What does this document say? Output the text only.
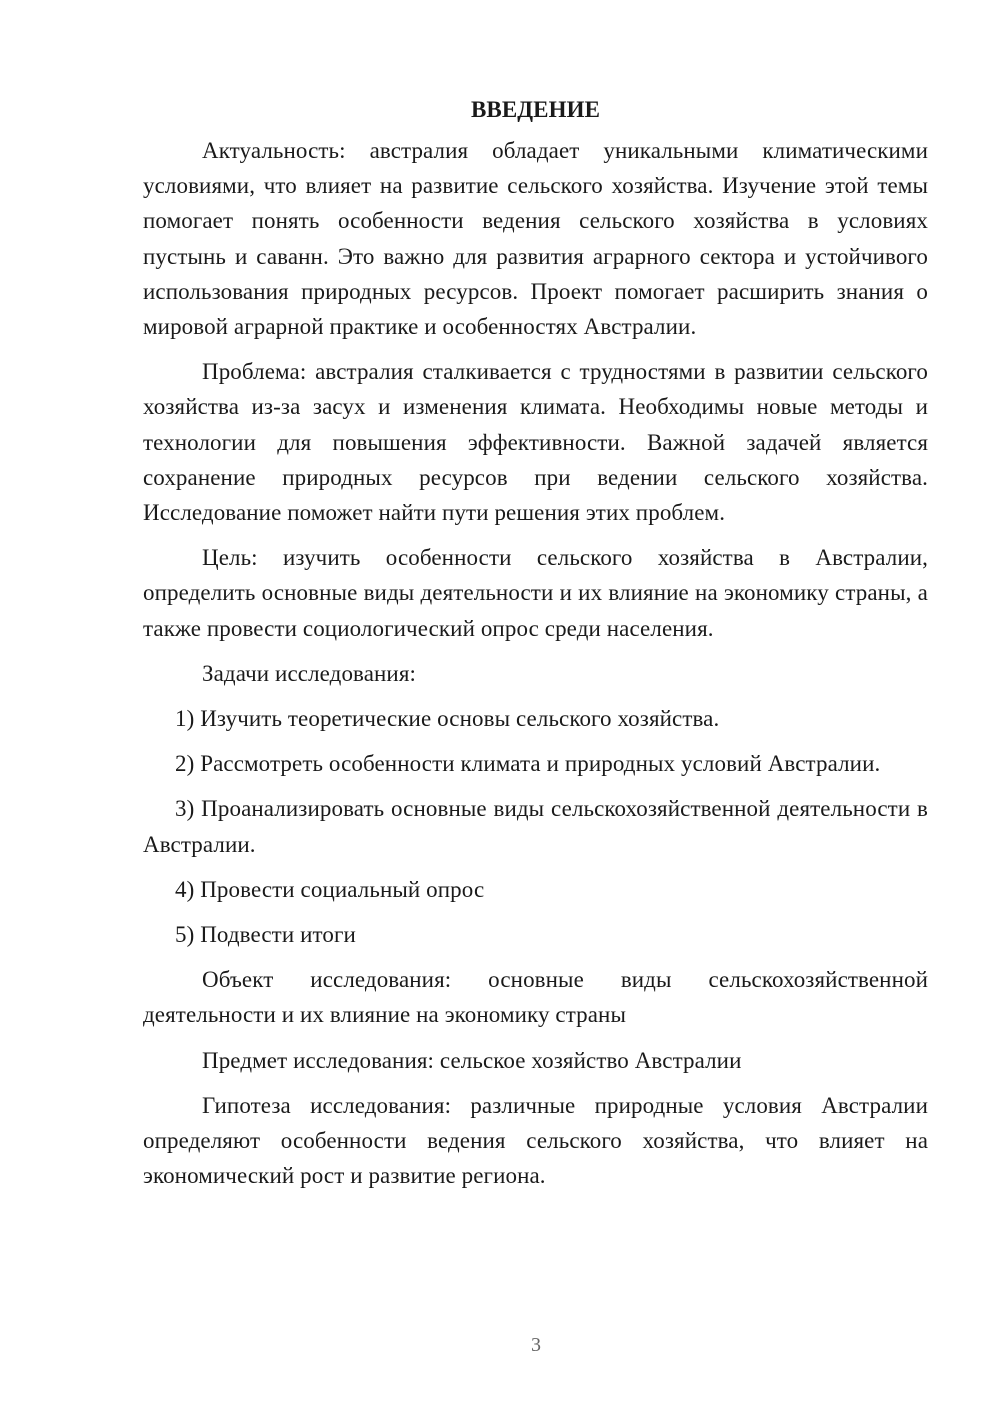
ВВЕДЕНИЕ

Актуальность: австралия обладает уникальными климатическими условиями, что влияет на развитие сельского хозяйства. Изучение этой темы помогает понять особенности ведения сельского хозяйства в условиях пустынь и саванн. Это важно для развития аграрного сектора и устойчивого использования природных ресурсов. Проект помогает расширить знания о мировой аграрной практике и особенностях Австралии.

Проблема: австралия сталкивается с трудностями в развитии сельского хозяйства из-за засух и изменения климата. Необходимы новые методы и технологии для повышения эффективности. Важной задачей является сохранение природных ресурсов при ведении сельского хозяйства. Исследование поможет найти пути решения этих проблем.

Цель: изучить особенности сельского хозяйства в Австралии, определить основные виды деятельности и их влияние на экономику страны, а также провести социологический опрос среди населения.

Задачи исследования:

1) Изучить теоретические основы сельского хозяйства.

2) Рассмотреть особенности климата и природных условий Австралии.

3) Проанализировать основные виды сельскохозяйственной деятельности в Австралии.

4) Провести социальный опрос

5) Подвести итоги

Объект исследования: основные виды сельскохозяйственной деятельности и их влияние на экономику страны

Предмет исследования: сельское хозяйство Австралии

Гипотеза исследования: различные природные условия Австралии определяют особенности ведения сельского хозяйства, что влияет на экономический рост и развитие региона.

3
